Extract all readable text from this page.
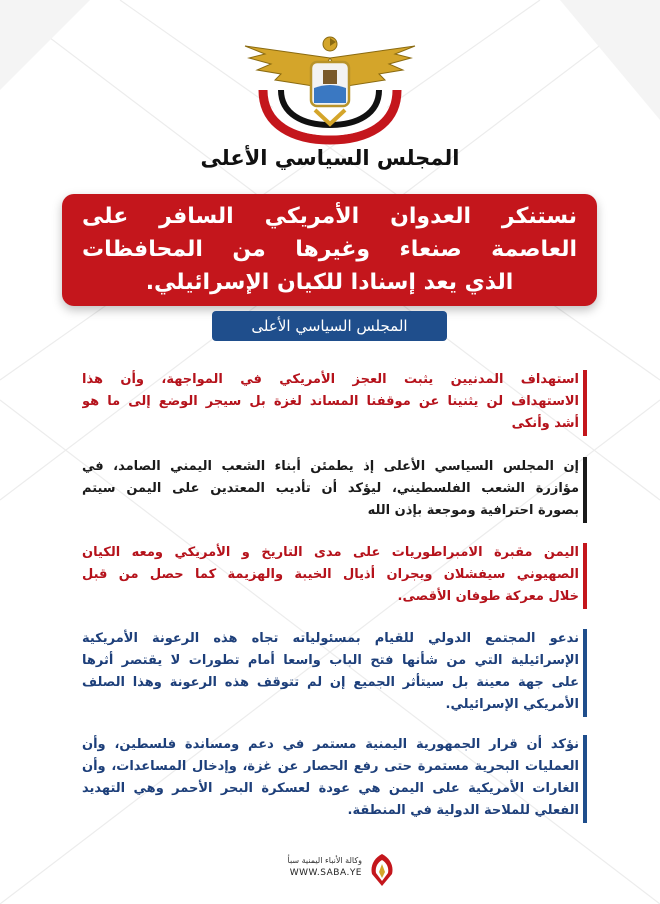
المجلس السياسي الأعلى
نستنكر العدوان الأمريكي السافر على
العاصمة صنعاء وغيرها من المحافظات
الذي يعد إسنادا للكيان الإسرائيلي.
المجلس السياسي الأعلى
استهداف المدنيين يثبت العجز الأمريكي في المواجهة، وأن هذا
الاستهداف لن يثنينا عن موقفنا المساند لغزة بل سيجر الوضع إلى ما هو
أشد وأنكى
إن المجلس السياسي الأعلى إذ يطمئن أبناء الشعب اليمني الصامد، في
مؤازرة الشعب الفلسطيني، ليؤكد أن تأديب المعتدين على اليمن سيتم
بصورة احترافية وموجعة بإذن الله
اليمن مقبرة الامبراطوريات على مدى التاريخ و الأمريكي ومعه الكيان
الصهيوني سيفشلان ويجران أذيال الخيبة والهزيمة كما حصل من قبل
خلال معركة طوفان الأقصى.
ندعو المجتمع الدولي للقيام بمسئولياته تجاه هذه الرعونة الأمريكية
الإسرائيلية التي من شأنها فتح الباب واسعا أمام تطورات لا يقتصر أثرها
على جهة معينة بل سيتأثر الجميع إن لم تتوقف هذه الرعونة وهذا الصلف
الأمريكي الإسرائيلي.
نؤكد أن قرار الجمهورية اليمنية مستمر في دعم ومساندة فلسطين، وأن
العمليات البحرية مستمرة حتى رفع الحصار عن غزة، وإدخال المساعدات، وأن
الغارات الأمريكية على اليمن هي عودة لعسكرة البحر الأحمر وهي التهديد
الفعلي للملاحة الدولية في المنطقة.
وكالة الأنباء اليمنية سبأ
WWW.SABA.YE
